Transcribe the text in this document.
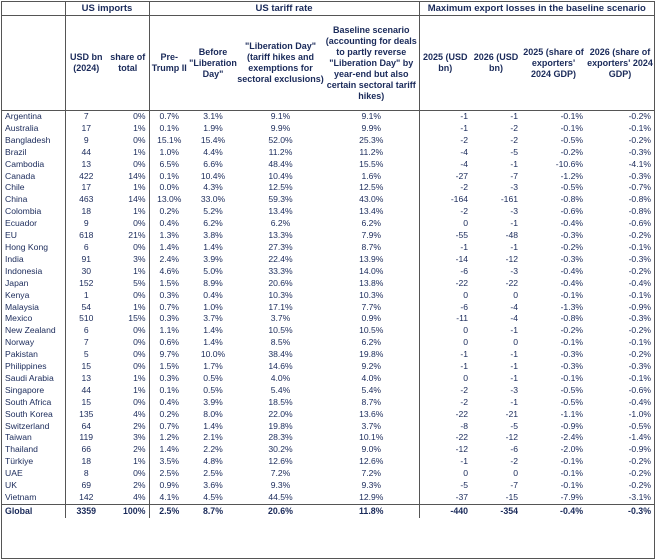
	US imports		US tariff rate				Maximum export losses in the baseline scenario			
	USD bn (2024)	share of total	Pre-Trump II	Before "Liberation Day"	"Liberation Day" (tariff hikes and exemptions for sectoral exclusions)	Baseline scenario (accounting for deals to partly reverse "Liberation Day" by year-end but also certain sectoral tariff hikes)	2025 (USD bn)	2026 (USD bn)	2025 (share of exporters' 2024 GDP)	2026 (share of exporters' 2024 GDP)
Argentina	7	0%	0.7%	3.1%	9.1%	9.1%	-1	-1	-0.1%	-0.2%
Australia	17	1%	0.1%	1.9%	9.9%	9.9%	-1	-2	-0.1%	-0.1%
Bangladesh	9	0%	15.1%	15.4%	52.0%	25.3%	-2	-2	-0.5%	-0.2%
Brazil	44	1%	1.0%	4.4%	11.2%	11.2%	-4	-5	-0.2%	-0.3%
Cambodia	13	0%	6.5%	6.6%	48.4%	15.5%	-4	-1	-10.6%	-4.1%
Canada	422	14%	0.1%	10.4%	10.4%	1.6%	-27	-7	-1.2%	-0.3%
Chile	17	1%	0.0%	4.3%	12.5%	12.5%	-2	-3	-0.5%	-0.7%
China	463	14%	13.0%	33.0%	59.3%	43.0%	-164	-161	-0.8%	-0.8%
Colombia	18	1%	0.2%	5.2%	13.4%	13.4%	-2	-3	-0.6%	-0.8%
Ecuador	9	0%	0.4%	6.2%	6.2%	6.2%	0	-1	-0.4%	-0.6%
EU	618	21%	1.3%	3.8%	13.3%	7.9%	-55	-48	-0.3%	-0.2%
Hong Kong	6	0%	1.4%	1.4%	27.3%	8.7%	-1	-1	-0.2%	-0.1%
India	91	3%	2.4%	3.9%	22.4%	13.9%	-14	-12	-0.3%	-0.3%
Indonesia	30	1%	4.6%	5.0%	33.3%	14.0%	-6	-3	-0.4%	-0.2%
Japan	152	5%	1.5%	8.9%	20.6%	13.8%	-22	-22	-0.4%	-0.4%
Kenya	1	0%	0.3%	0.4%	10.3%	10.3%	0	0	-0.1%	-0.1%
Malaysia	54	1%	0.7%	1.0%	17.1%	7.7%	-6	-4	-1.3%	-0.9%
Mexico	510	15%	0.3%	3.7%	3.7%	0.9%	-11	-4	-0.8%	-0.3%
New Zealand	6	0%	1.1%	1.4%	10.5%	10.5%	0	-1	-0.2%	-0.2%
Norway	7	0%	0.6%	1.4%	8.5%	6.2%	0	0	-0.1%	-0.1%
Pakistan	5	0%	9.7%	10.0%	38.4%	19.8%	-1	-1	-0.3%	-0.2%
Philippines	15	0%	1.5%	1.7%	14.6%	9.2%	-1	-1	-0.3%	-0.3%
Saudi Arabia	13	1%	0.3%	0.5%	4.0%	4.0%	0	-1	-0.1%	-0.1%
Singapore	44	1%	0.1%	0.5%	5.4%	5.4%	-2	-3	-0.5%	-0.6%
South Africa	15	0%	0.4%	3.9%	18.5%	8.7%	-2	-1	-0.5%	-0.4%
South Korea	135	4%	0.2%	8.0%	22.0%	13.6%	-22	-21	-1.1%	-1.0%
Switzerland	64	2%	0.7%	1.4%	19.8%	3.7%	-8	-5	-0.9%	-0.5%
Taiwan	119	3%	1.2%	2.1%	28.3%	10.1%	-22	-12	-2.4%	-1.4%
Thailand	66	2%	1.4%	2.2%	30.2%	9.0%	-12	-6	-2.0%	-0.9%
Türkiye	18	1%	3.5%	4.8%	12.6%	12.6%	-1	-2	-0.1%	-0.2%
UAE	8	0%	2.5%	2.5%	7.2%	7.2%	0	0	-0.1%	-0.2%
UK	69	2%	0.9%	3.6%	9.3%	9.3%	-5	-7	-0.1%	-0.2%
Vietnam	142	4%	4.1%	4.5%	44.5%	12.9%	-37	-15	-7.9%	-3.1%
Global	3359	100%	2.5%	8.7%	20.6%	11.8%	-440	-354	-0.4%	-0.3%
